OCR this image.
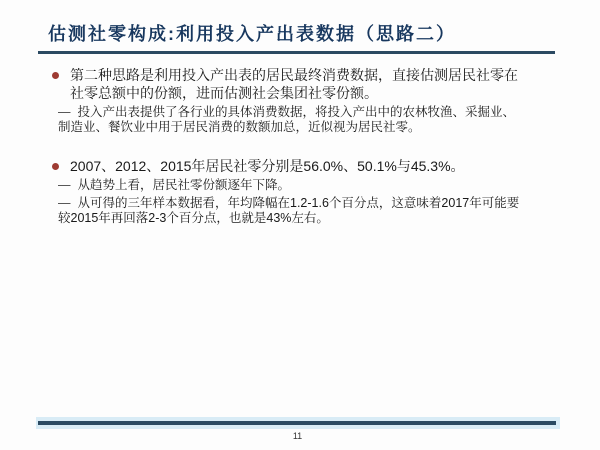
估测社零构成:利用投入产出表数据（思路二）
第二种思路是利用投入产出表的居民最终消费数据，直接估测居民社零在社零总额中的份额，进而估测社会集团社零份额。
— 投入产出表提供了各行业的具体消费数据，将投入产出中的农林牧渔、采掘业、制造业、餐饮业中用于居民消费的数额加总，近似视为居民社零。
2007、2012、2015年居民社零分别是56.0%、50.1%与45.3%。
— 从趋势上看，居民社零份额逐年下降。
— 从可得的三年样本数据看，年均降幅在1.2-1.6个百分点，这意味着2017年可能要较2015年再回落2-3个百分点，也就是43%左右。
11
